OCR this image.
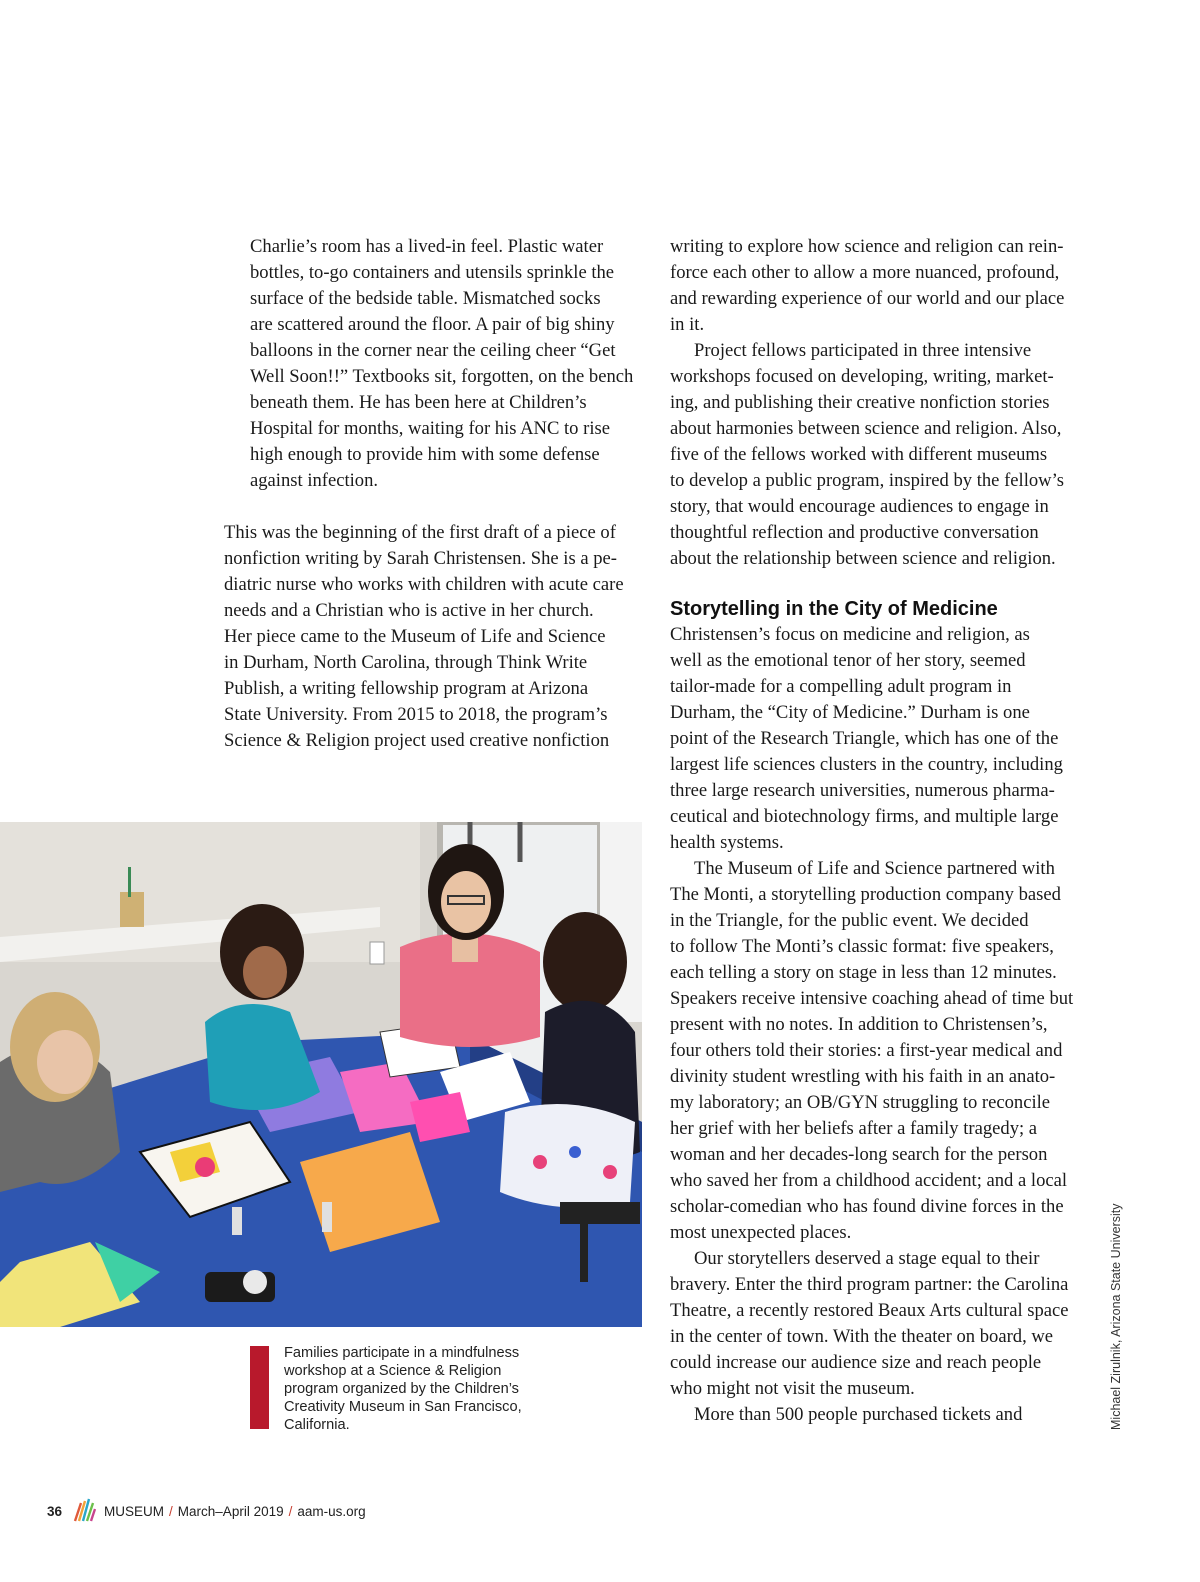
Charlie’s room has a lived-in feel. Plastic water

bottles, to-go containers and utensils sprinkle the

surface of the bedside table. Mismatched socks

are scattered around the floor. A pair of big shiny

balloons in the corner near the ceiling cheer “Get

Well Soon!!” Textbooks sit, forgotten, on the bench

beneath them. He has been here at Children’s

Hospital for months, waiting for his ANC to rise

high enough to provide him with some defense

against infection.

This was the beginning of the first draft of a piece of

nonfiction writing by Sarah Christensen. She is a pe-

diatric nurse who works with children with acute care

needs and a Christian who is active in her church.

Her piece came to the Museum of Life and Science

in Durham, North Carolina, through Think Write

Publish, a writing fellowship program at Arizona

State University. From 2015 to 2018, the program’s

Science & Religion project used creative nonfiction

writing to explore how science and religion can rein-

force each other to allow a more nuanced, profound,

and rewarding experience of our world and our place

in it.

Project fellows participated in three intensive

workshops focused on developing, writing, market-

ing, and publishing their creative nonfiction stories

about harmonies between science and religion. Also,

five of the fellows worked with different museums

to develop a public program, inspired by the fellow’s

story, that would encourage audiences to engage in

thoughtful reflection and productive conversation

about the relationship between science and religion.

Storytelling in the City of Medicine

Christensen’s focus on medicine and religion, as

well as the emotional tenor of her story, seemed

tailor-made for a compelling adult program in

Durham, the “City of Medicine.” Durham is one

point of the Research Triangle, which has one of the

largest life sciences clusters in the country, including

three large research universities, numerous pharma-

ceutical and biotechnology firms, and multiple large

health systems.

The Museum of Life and Science partnered with

The Monti, a storytelling production company based

in the Triangle, for the public event. We decided

to follow The Monti’s classic format: five speakers,

each telling a story on stage in less than 12 minutes.

Speakers receive intensive coaching ahead of time but

present with no notes. In addition to Christensen’s,

four others told their stories: a first-year medical and

divinity student wrestling with his faith in an anato-

my laboratory; an OB/GYN struggling to reconcile

her grief with her beliefs after a family tragedy; a

woman and her decades-long search for the person

who saved her from a childhood accident; and a local

scholar-comedian who has found divine forces in the

most unexpected places.

Our storytellers deserved a stage equal to their

bravery. Enter the third program partner: the Carolina

Theatre, a recently restored Beaux Arts cultural space

in the center of town. With the theater on board, we

could increase our audience size and reach people

who might not visit the museum.

More than 500 people purchased tickets and

Families participate in a mindfulness
workshop at a Science & Religion
program organized by the Children’s
Creativity Museum in San Francisco,
California.	Michael Zirulnik, Arizona State University
36	MUSEUM / March–April 2019 / aam-us.org
